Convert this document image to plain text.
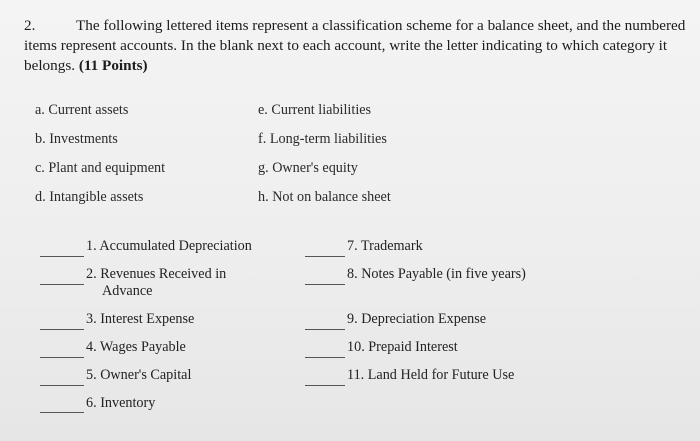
2.	The following lettered items represent a classification scheme for a balance sheet, and the numbered items represent accounts. In the blank next to each account, write the letter indicating to which category it belongs. (11 Points)
a. Current assets
b. Investments
c. Plant and equipment
d. Intangible assets
e. Current liabilities
f. Long-term liabilities
g. Owner's equity
h. Not on balance sheet
1. Accumulated Depreciation
2. Revenues Received in
Advance
3. Interest Expense
4. Wages Payable
5. Owner's Capital
6. Inventory
7. Trademark
8. Notes Payable (in five years)
9. Depreciation Expense
10. Prepaid Interest
11. Land Held for Future Use
